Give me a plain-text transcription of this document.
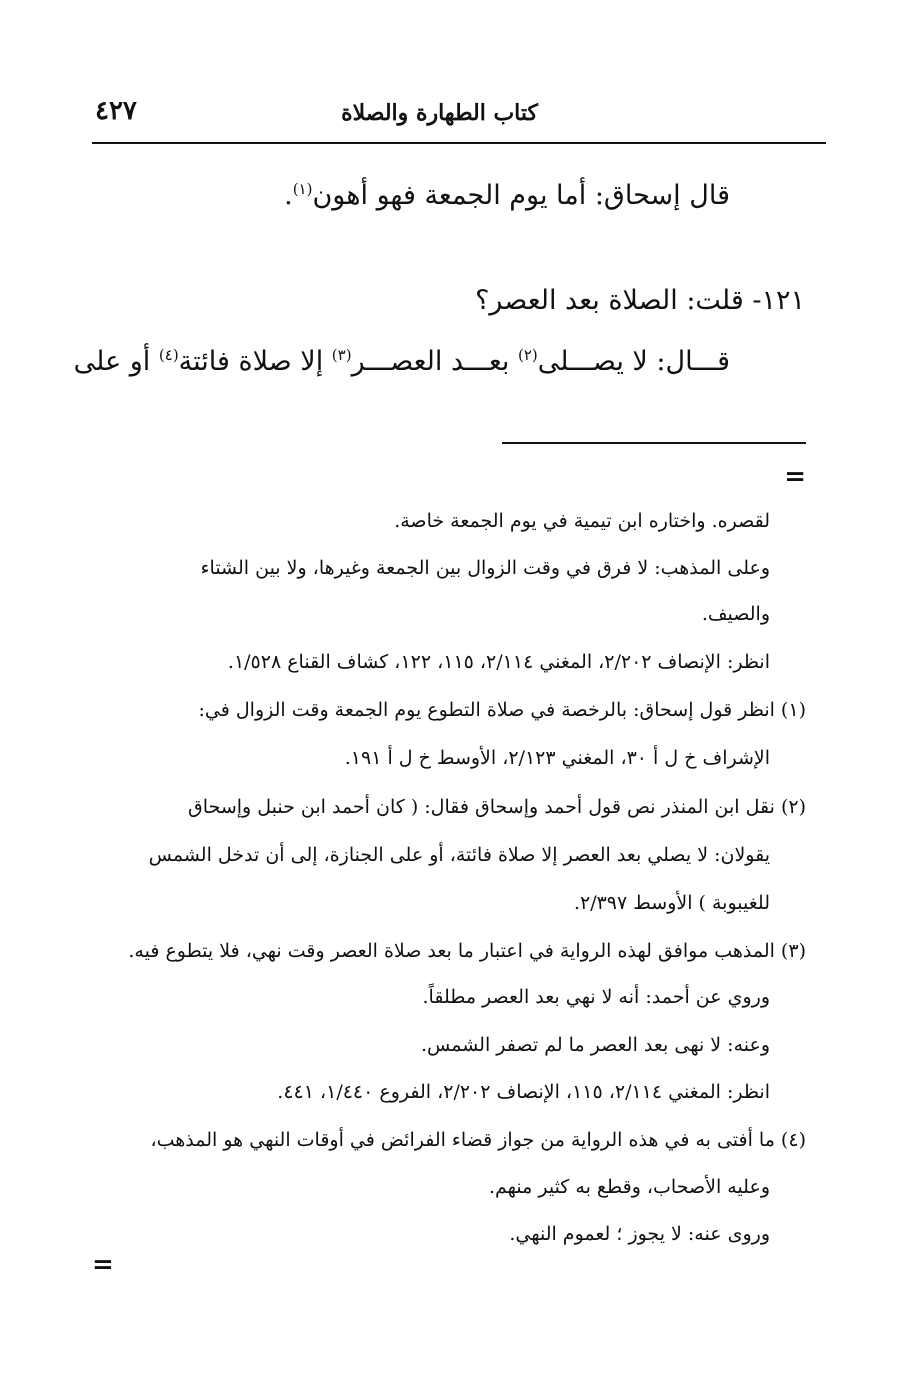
كتاب الطهارة والصلاة
٤٢٧
قال إسحاق: أما يوم الجمعة فهو أهون$^{(١)}$.
١٢١- قلت: الصلاة بعد العصر؟
قـــال: لا يصـــلى$^{(٢)}$ بعـــد العصـــر$^{(٣)}$ إلا صلاة فائتة$^{(٤)}$ أو على
=
لقصره. واختاره ابن تيمية في يوم الجمعة خاصة.
وعلى المذهب: لا فرق في وقت الزوال بين الجمعة وغيرها، ولا بين الشتاء
والصيف.
انظر: الإنصاف ٢/٢٠٢، المغني ٢/١١٤، ١١٥، ١٢٢، كشاف القناع ١/٥٢٨.
(١) انظر قول إسحاق: بالرخصة في صلاة التطوع يوم الجمعة وقت الزوال في:
الإشراف خ ل أ ٣٠، المغني ٢/١٢٣، الأوسط خ ل أ ١٩١.
(٢) نقل ابن المنذر نص قول أحمد وإسحاق فقال: ( كان أحمد ابن حنبل وإسحاق
يقولان: لا يصلي بعد العصر إلا صلاة فائتة، أو على الجنازة، إلى أن تدخل الشمس
للغيبوبة ) الأوسط ٢/٣٩٧.
(٣) المذهب موافق لهذه الرواية في اعتبار ما بعد صلاة العصر وقت نهي، فلا يتطوع فيه.
وروي عن أحمد: أنه لا نهي بعد العصر مطلقاً.
وعنه: لا نهى بعد العصر ما لم تصفر الشمس.
انظر: المغني ٢/١١٤، ١١٥، الإنصاف ٢/٢٠٢، الفروع ١/٤٤٠، ٤٤١.
(٤) ما أفتى به في هذه الرواية من جواز قضاء الفرائض في أوقات النهي هو المذهب،
وعليه الأصحاب، وقطع به كثير منهم.
وروى عنه: لا يجوز ؛ لعموم النهي.
=
